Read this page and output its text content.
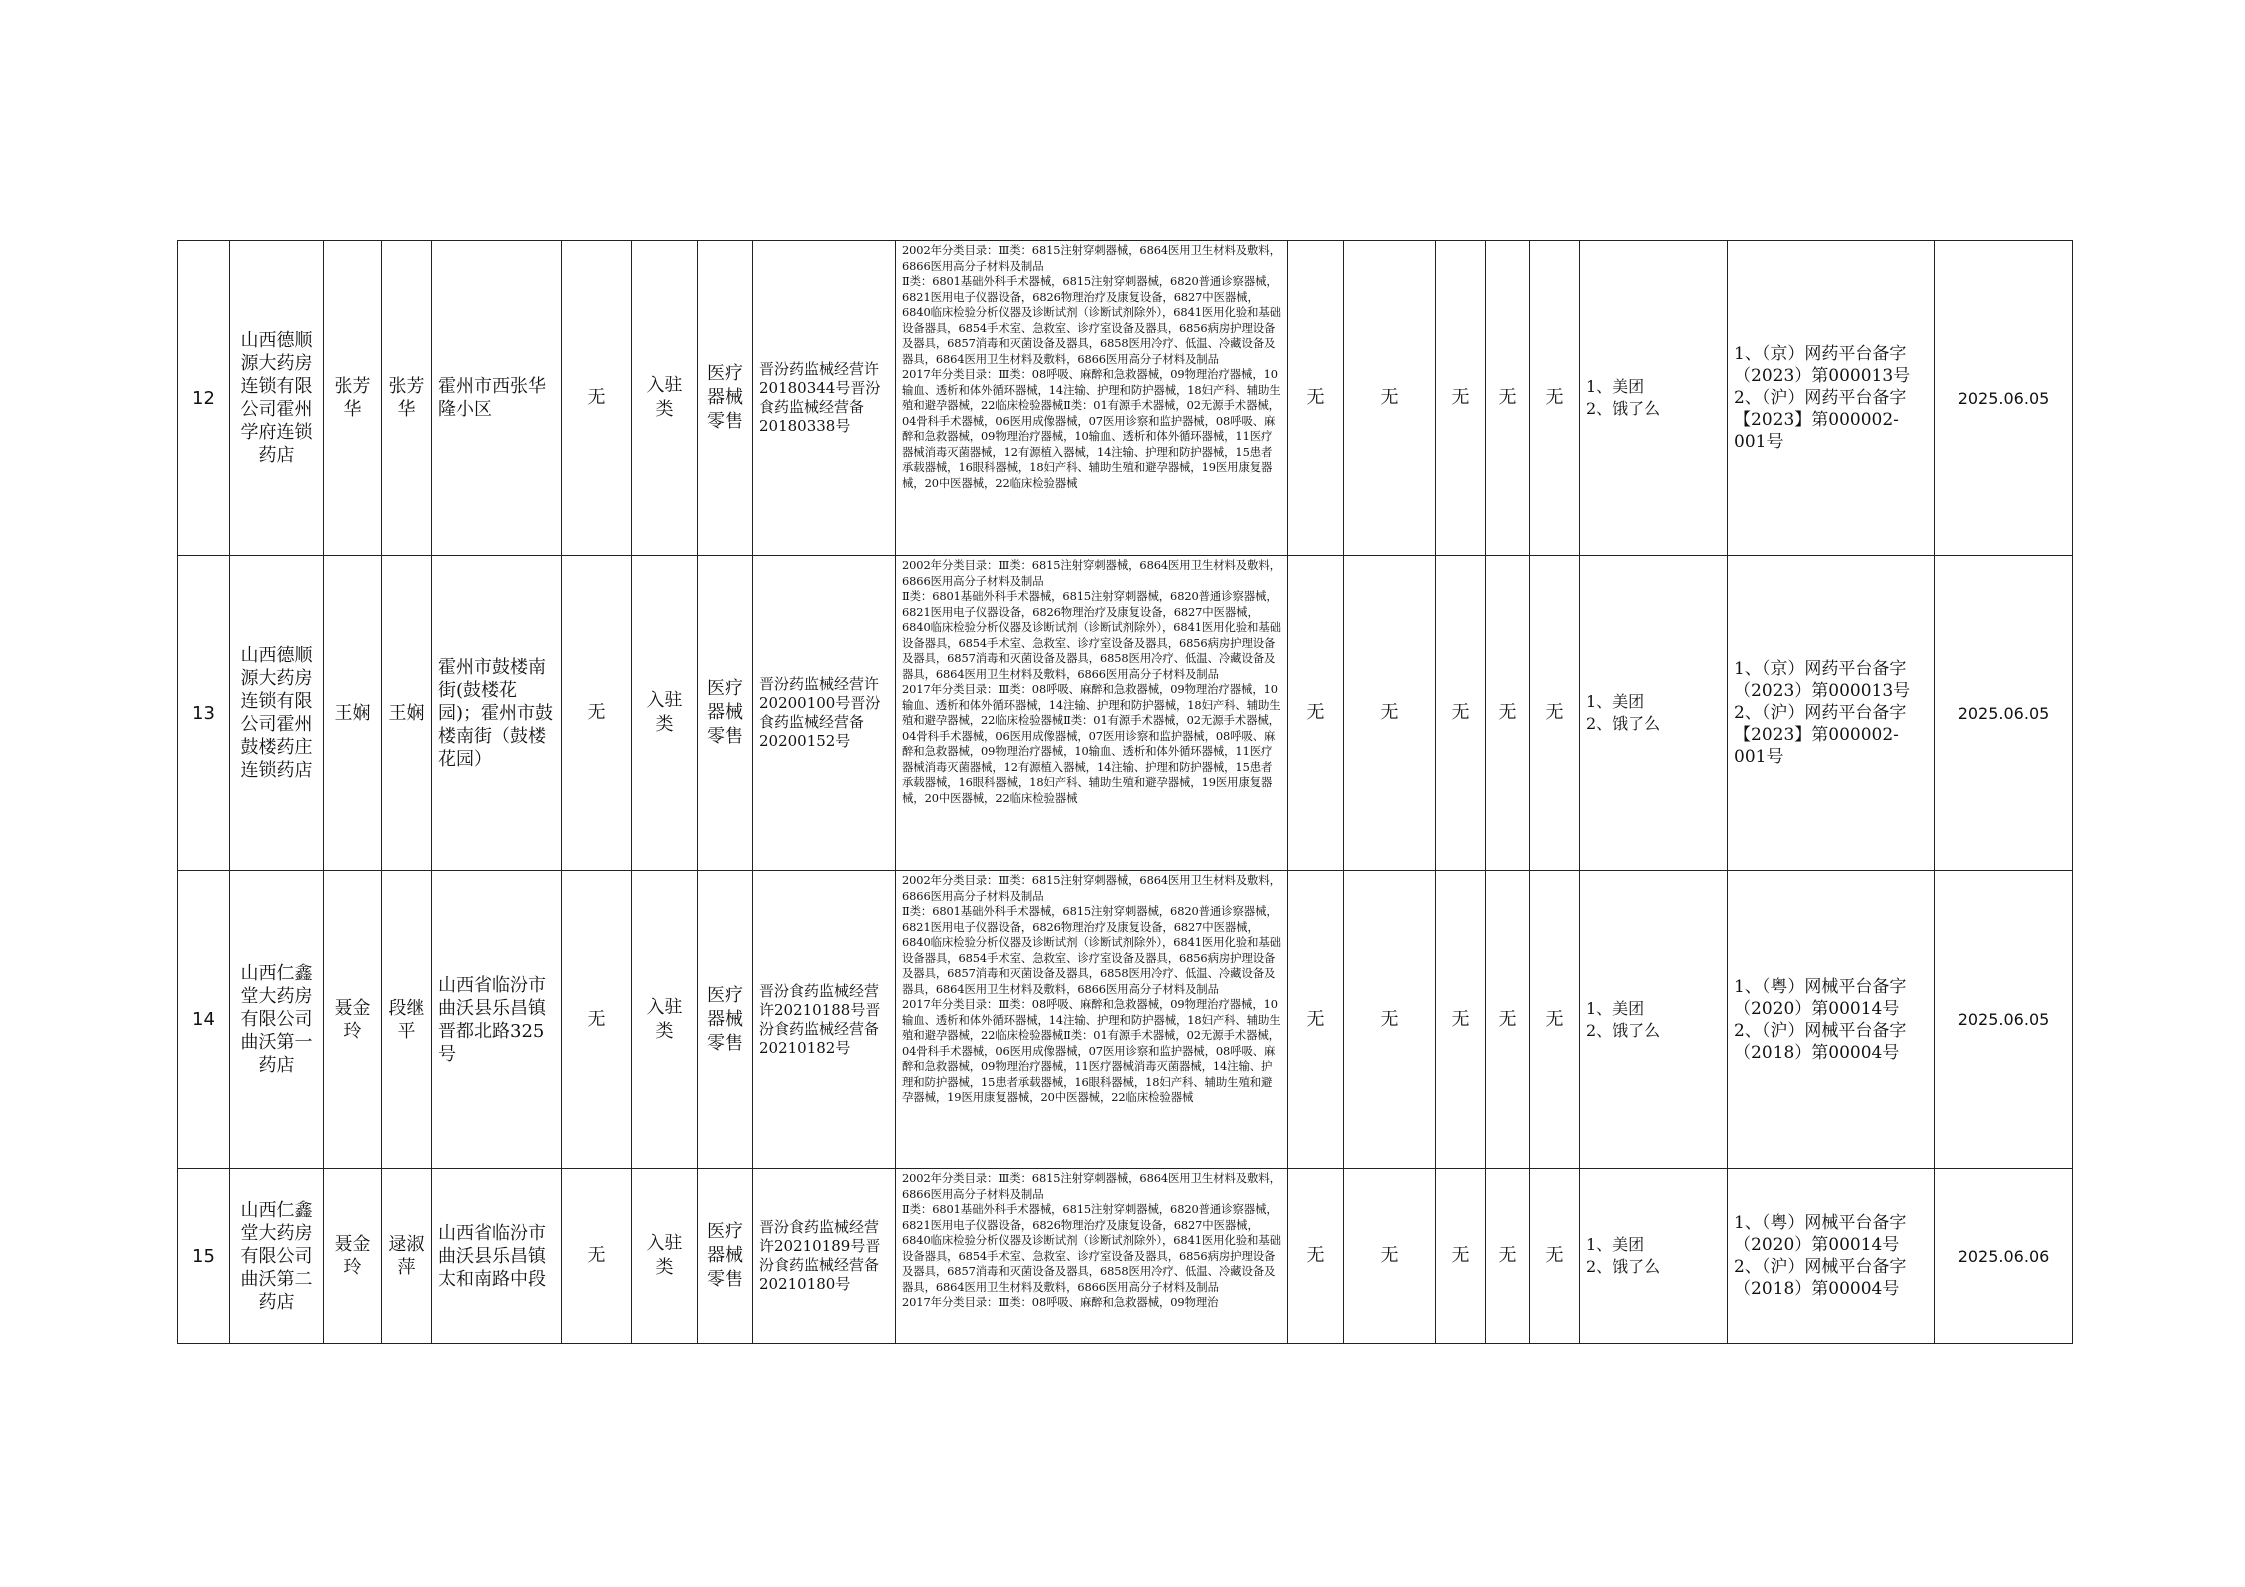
12	山西德顺源大药房连锁有限公司霍州学府连锁药店	张芳华	张芳华	霍州市西张华隆小区	无	入驻类	医疗器械零售	晋汾药监械经营许20180344号晋汾食药监械经营备20180338号	2002年分类目录：Ⅲ类：6815注射穿刺器械，6864医用卫生材料及敷料，6866医用高分子材料及制品
Ⅱ类：6801基础外科手术器械，6815注射穿刺器械，6820普通诊察器械，6821医用电子仪器设备，6826物理治疗及康复设备，6827中医器械，6840临床检验分析仪器及诊断试剂（诊断试剂除外），6841医用化验和基础设备器具，6854手术室、急救室、诊疗室设备及器具，6856病房护理设备及器具，6857消毒和灭菌设备及器具，6858医用冷疗、低温、冷藏设备及器具，6864医用卫生材料及敷料，6866医用高分子材料及制品
2017年分类目录：Ⅲ类：08呼吸、麻醉和急救器械，09物理治疗器械，10输血、透析和体外循环器械，14注输、护理和防护器械，18妇产科、辅助生殖和避孕器械，22临床检验器械Ⅱ类：01有源手术器械，02无源手术器械，04骨科手术器械，06医用成像器械，07医用诊察和监护器械，08呼吸、麻醉和急救器械，09物理治疗器械，10输血、透析和体外循环器械，11医疗器械消毒灭菌器械，12有源植入器械，14注输、护理和防护器械，15患者承载器械，16眼科器械，18妇产科、辅助生殖和避孕器械，19医用康复器械，20中医器械，22临床检验器械	无	无	无	无	无	1、美团
2、饿了么	1、（京）网药平台备字（2023）第000013号
2、（沪）网药平台备字【2023】第000002-001号	2025.06.05
13	山西德顺源大药房连锁有限公司霍州鼓楼药庄连锁药店	王娴	王娴	霍州市鼓楼南街(鼓楼花园)；霍州市鼓楼南街（鼓楼花园）	无	入驻类	医疗器械零售	晋汾药监械经营许20200100号晋汾食药监械经营备20200152号	2002年分类目录：Ⅲ类：6815注射穿刺器械，6864医用卫生材料及敷料，6866医用高分子材料及制品
Ⅱ类：6801基础外科手术器械，6815注射穿刺器械，6820普通诊察器械，6821医用电子仪器设备，6826物理治疗及康复设备，6827中医器械，6840临床检验分析仪器及诊断试剂（诊断试剂除外），6841医用化验和基础设备器具，6854手术室、急救室、诊疗室设备及器具，6856病房护理设备及器具，6857消毒和灭菌设备及器具，6858医用冷疗、低温、冷藏设备及器具，6864医用卫生材料及敷料，6866医用高分子材料及制品
2017年分类目录：Ⅲ类：08呼吸、麻醉和急救器械，09物理治疗器械，10输血、透析和体外循环器械，14注输、护理和防护器械，18妇产科、辅助生殖和避孕器械，22临床检验器械Ⅱ类：01有源手术器械，02无源手术器械，04骨科手术器械，06医用成像器械，07医用诊察和监护器械，08呼吸、麻醉和急救器械，09物理治疗器械，10输血、透析和体外循环器械，11医疗器械消毒灭菌器械，12有源植入器械，14注输、护理和防护器械，15患者承载器械，16眼科器械，18妇产科、辅助生殖和避孕器械，19医用康复器械，20中医器械，22临床检验器械	无	无	无	无	无	1、美团
2、饿了么	1、（京）网药平台备字（2023）第000013号
2、（沪）网药平台备字【2023】第000002-001号	2025.06.05
14	山西仁鑫堂大药房有限公司曲沃第一药店	聂金玲	段继平	山西省临汾市曲沃县乐昌镇晋都北路325号	无	入驻类	医疗器械零售	晋汾食药监械经营许20210188号晋汾食药监械经营备20210182号	2002年分类目录：Ⅲ类：6815注射穿刺器械，6864医用卫生材料及敷料，6866医用高分子材料及制品
Ⅱ类：6801基础外科手术器械，6815注射穿刺器械，6820普通诊察器械，6821医用电子仪器设备，6826物理治疗及康复设备，6827中医器械，6840临床检验分析仪器及诊断试剂（诊断试剂除外），6841医用化验和基础设备器具，6854手术室、急救室、诊疗室设备及器具，6856病房护理设备及器具，6857消毒和灭菌设备及器具，6858医用冷疗、低温、冷藏设备及器具，6864医用卫生材料及敷料，6866医用高分子材料及制品
2017年分类目录：Ⅲ类：08呼吸、麻醉和急救器械，09物理治疗器械，10输血、透析和体外循环器械，14注输、护理和防护器械，18妇产科、辅助生殖和避孕器械，22临床检验器械Ⅱ类：01有源手术器械，02无源手术器械，04骨科手术器械，06医用成像器械，07医用诊察和监护器械，08呼吸、麻醉和急救器械，09物理治疗器械，11医疗器械消毒灭菌器械，14注输、护理和防护器械，15患者承载器械，16眼科器械，18妇产科、辅助生殖和避孕器械，19医用康复器械，20中医器械，22临床检验器械	无	无	无	无	无	1、美团
2、饿了么	1、（粤）网械平台备字（2020）第00014号
2、（沪）网械平台备字（2018）第00004号	2025.06.05
15	山西仁鑫堂大药房有限公司曲沃第二药店	聂金玲	逯淑萍	山西省临汾市曲沃县乐昌镇太和南路中段	无	入驻类	医疗器械零售	晋汾食药监械经营许20210189号晋汾食药监械经营备20210180号	2002年分类目录：Ⅲ类：6815注射穿刺器械，6864医用卫生材料及敷料，6866医用高分子材料及制品
Ⅱ类：6801基础外科手术器械，6815注射穿刺器械，6820普通诊察器械，6821医用电子仪器设备，6826物理治疗及康复设备，6827中医器械，6840临床检验分析仪器及诊断试剂（诊断试剂除外），6841医用化验和基础设备器具，6854手术室、急救室、诊疗室设备及器具，6856病房护理设备及器具，6857消毒和灭菌设备及器具，6858医用冷疗、低温、冷藏设备及器具，6864医用卫生材料及敷料，6866医用高分子材料及制品
2017年分类目录：Ⅲ类：08呼吸、麻醉和急救器械，09物理治	无	无	无	无	无	1、美团
2、饿了么	1、（粤）网械平台备字（2020）第00014号
2、（沪）网械平台备字（2018）第00004号	2025.06.06
